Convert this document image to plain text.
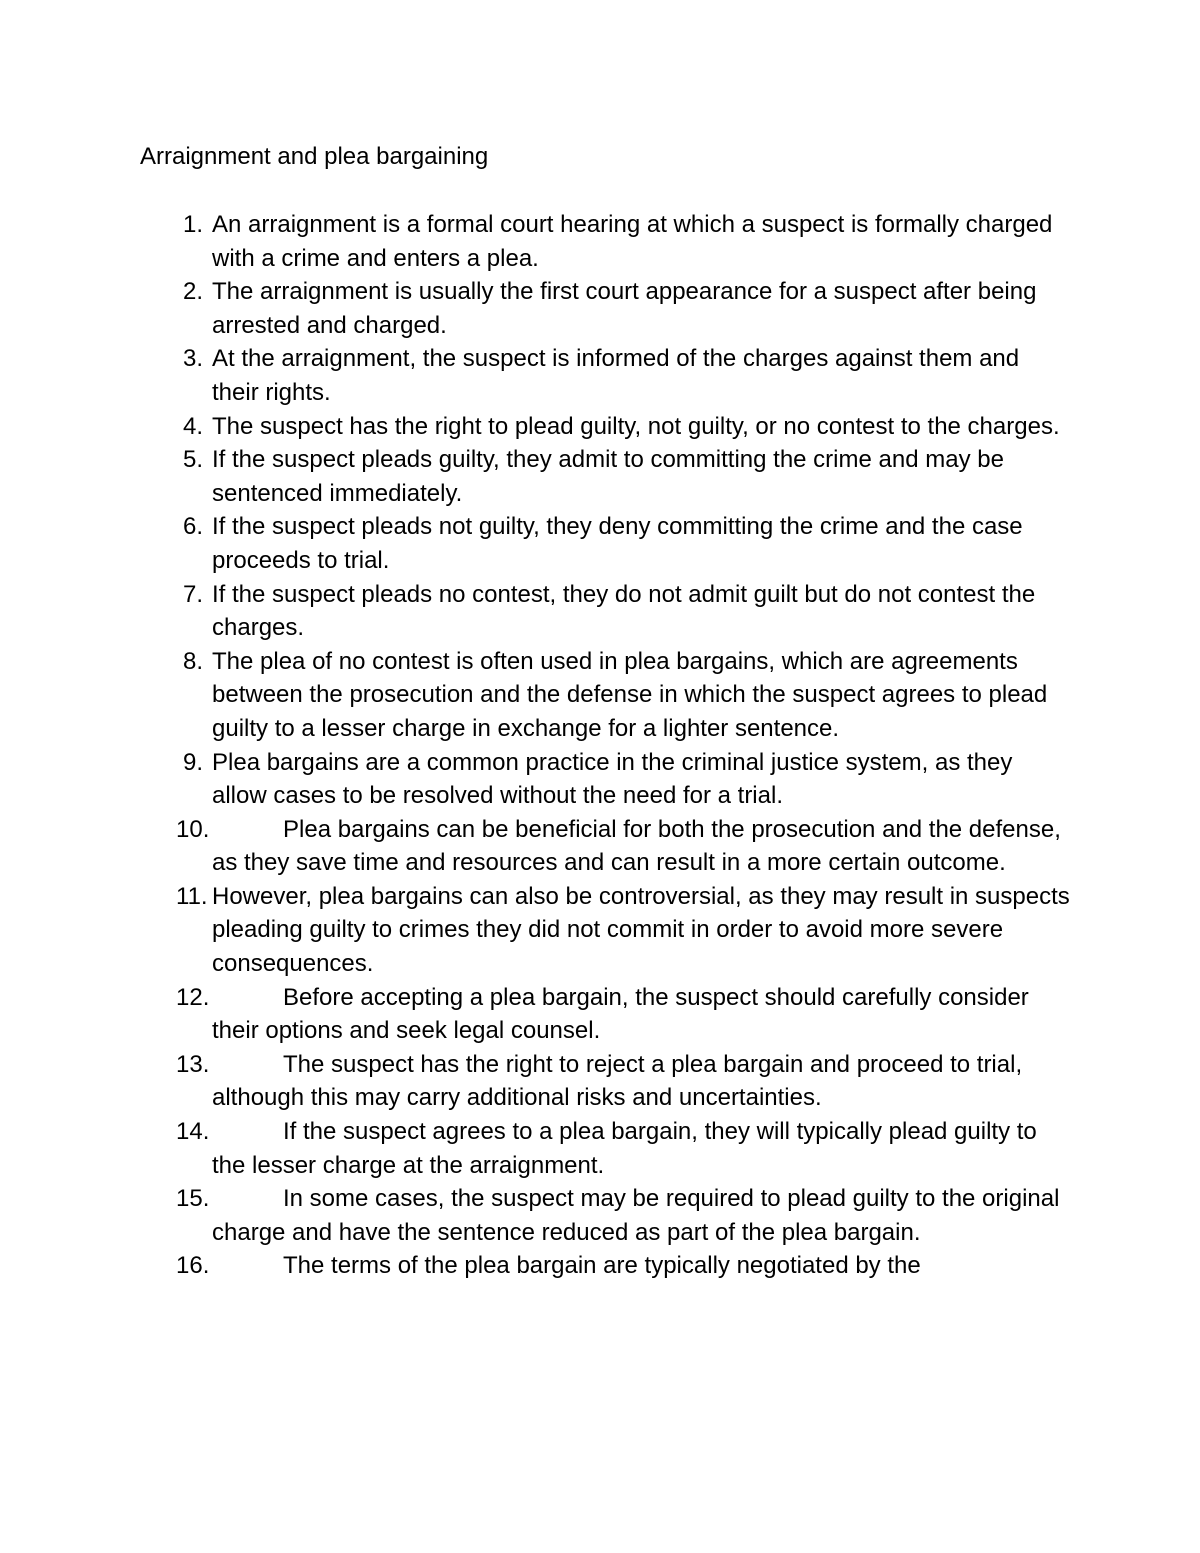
Arraignment and plea bargaining
1. An arraignment is a formal court hearing at which a suspect is formally charged with a crime and enters a plea.
2. The arraignment is usually the first court appearance for a suspect after being arrested and charged.
3. At the arraignment, the suspect is informed of the charges against them and their rights.
4. The suspect has the right to plead guilty, not guilty, or no contest to the charges.
5. If the suspect pleads guilty, they admit to committing the crime and may be sentenced immediately.
6. If the suspect pleads not guilty, they deny committing the crime and the case proceeds to trial.
7. If the suspect pleads no contest, they do not admit guilt but do not contest the charges.
8. The plea of no contest is often used in plea bargains, which are agreements between the prosecution and the defense in which the suspect agrees to plead guilty to a lesser charge in exchange for a lighter sentence.
9. Plea bargains are a common practice in the criminal justice system, as they allow cases to be resolved without the need for a trial.
10.	Plea bargains can be beneficial for both the prosecution and the defense, as they save time and resources and can result in a more certain outcome.
11. However, plea bargains can also be controversial, as they may result in suspects pleading guilty to crimes they did not commit in order to avoid more severe consequences.
12.	Before accepting a plea bargain, the suspect should carefully consider their options and seek legal counsel.
13.	The suspect has the right to reject a plea bargain and proceed to trial, although this may carry additional risks and uncertainties.
14.	If the suspect agrees to a plea bargain, they will typically plead guilty to the lesser charge at the arraignment.
15.	In some cases, the suspect may be required to plead guilty to the original charge and have the sentence reduced as part of the plea bargain.
16.	The terms of the plea bargain are typically negotiated by the
